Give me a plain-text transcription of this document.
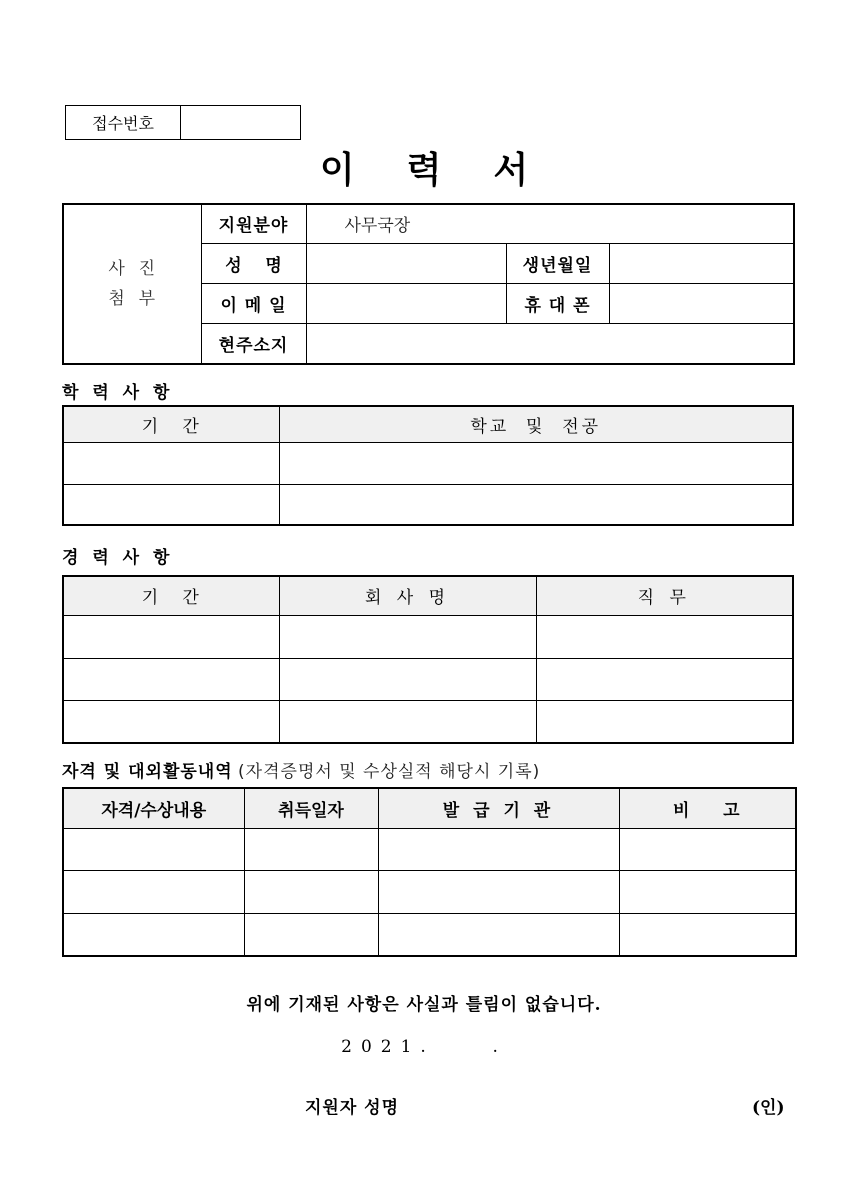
접수번호
이력서
사  진
첨  부	지원분야	사무국장		
	성    명		생년월일	
	이 메 일		휴 대 폰	
	현주소지			
학 력 사 항
기   간	학교  및  전공

경 력 사 항
기   간	회 사 명	직 무

자격 및 대외활동내역 (자격증명서 및 수상실적 해당시 기록)
자격/수상내용	취득일자	발 급 기 관	비    고

위에 기재된 사항은 사실과 틀림이 없습니다.
2021.    .
지원자 성명	(인)
